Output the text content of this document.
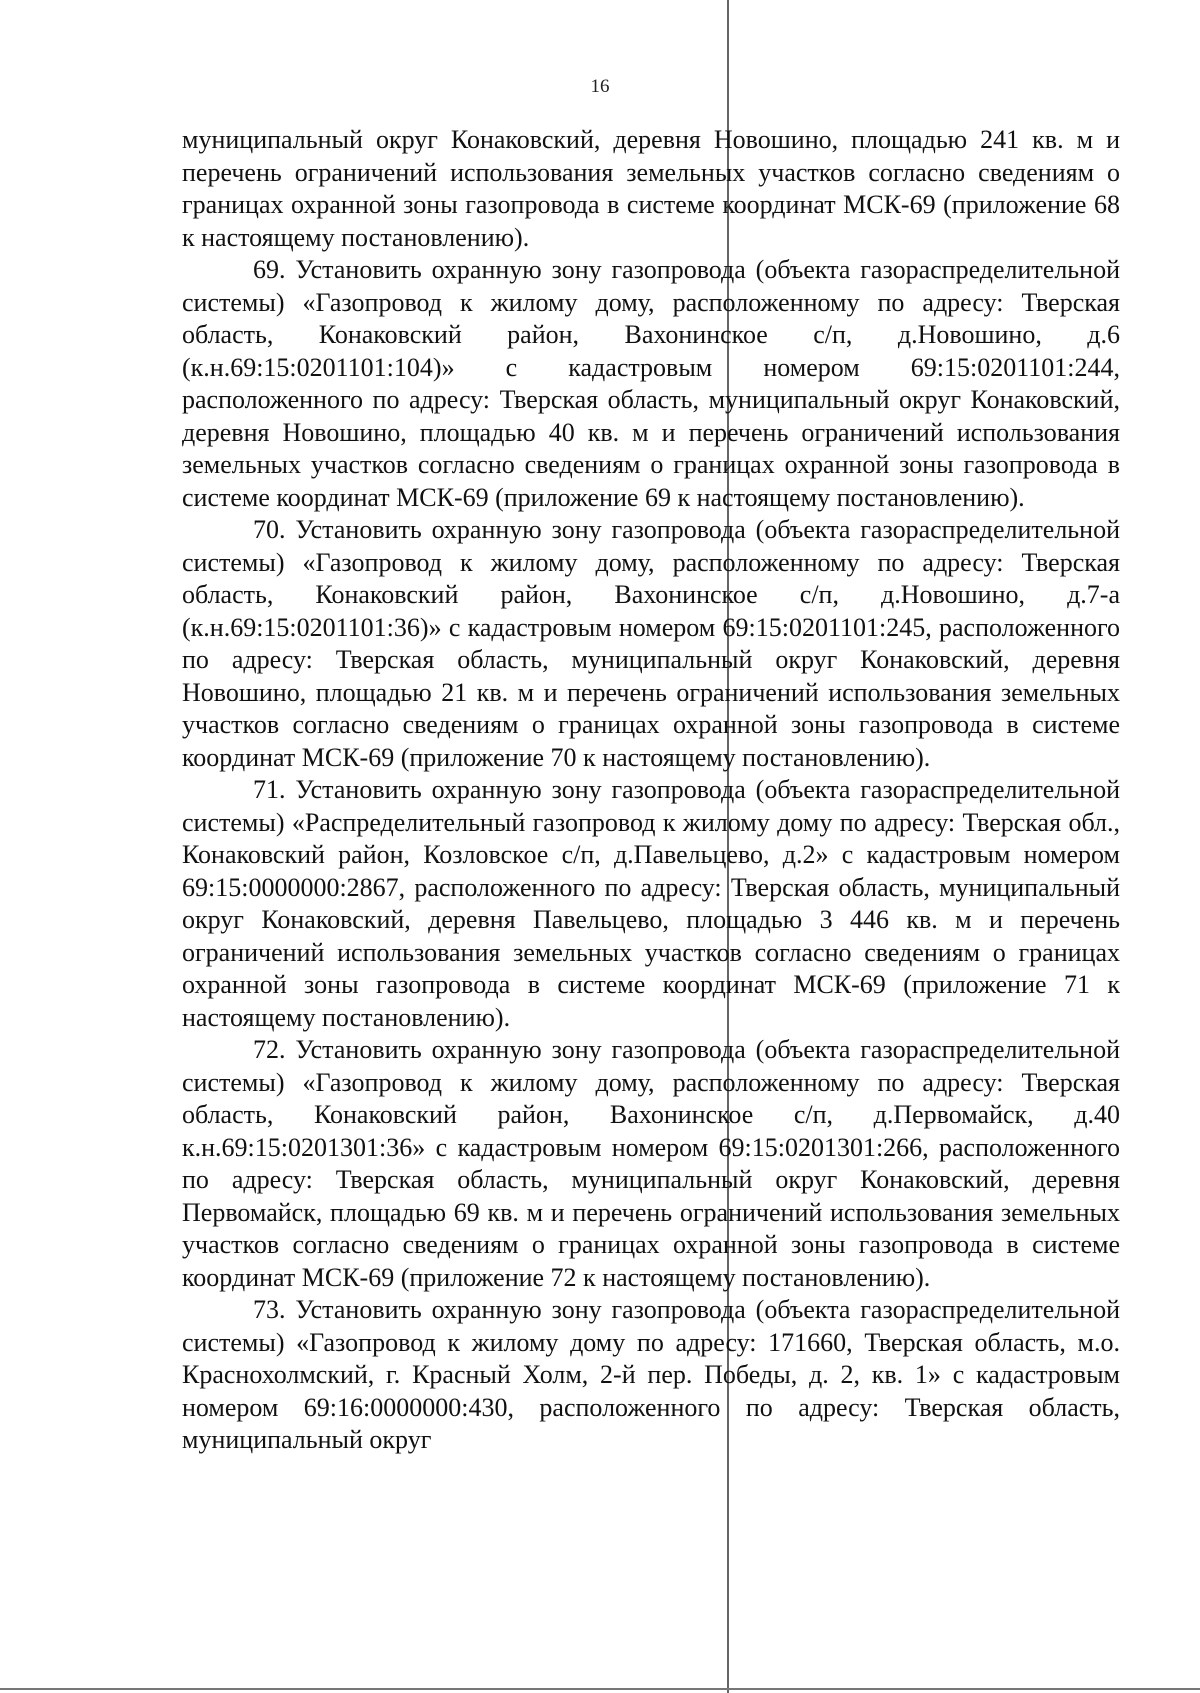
16

муниципальный округ Конаковский, деревня Новошино, площадью 241 кв. м и перечень ограничений использования земельных участков согласно сведениям о границах охранной зоны газопровода в системе координат МСК-69 (приложение 68 к настоящему постановлению).

69. Установить охранную зону газопровода (объекта газораспределительной системы) «Газопровод к жилому дому, расположенному по адресу: Тверская область, Конаковский район, Вахонинское с/п, д.Новошино, д.6 (к.н.69:15:0201101:104)» с кадастровым номером 69:15:0201101:244, расположенного по адресу: Тверская область, муниципальный округ Конаковский, деревня Новошино, площадью 40 кв. м и перечень ограничений использования земельных участков согласно сведениям о границах охранной зоны газопровода в системе координат МСК-69 (приложение 69 к настоящему постановлению).

70. Установить охранную зону газопровода (объекта газораспределительной системы) «Газопровод к жилому дому, расположенному по адресу: Тверская область, Конаковский район, Вахонинское с/п, д.Новошино, д.7-а (к.н.69:15:0201101:36)» с кадастровым номером 69:15:0201101:245, расположенного по адресу: Тверская область, муниципальный округ Конаковский, деревня Новошино, площадью 21 кв. м и перечень ограничений использования земельных участков согласно сведениям о границах охранной зоны газопровода в системе координат МСК-69 (приложение 70 к настоящему постановлению).

71. Установить охранную зону газопровода (объекта газораспределительной системы) «Распределительный газопровод к жилому дому по адресу: Тверская обл., Конаковский район, Козловское с/п, д.Павельцево, д.2» с кадастровым номером 69:15:0000000:2867, расположенного по адресу: Тверская область, муниципальный округ Конаковский, деревня Павельцево, площадью 3 446 кв. м и перечень ограничений использования земельных участков согласно сведениям о границах охранной зоны газопровода в системе координат МСК-69 (приложение 71 к настоящему постановлению).

72. Установить охранную зону газопровода (объекта газораспределительной системы) «Газопровод к жилому дому, расположенному по адресу: Тверская область, Конаковский район, Вахонинское с/п, д.Первомайск, д.40 к.н.69:15:0201301:36» с кадастровым номером 69:15:0201301:266, расположенного по адресу: Тверская область, муниципальный округ Конаковский, деревня Первомайск, площадью 69 кв. м и перечень ограничений использования земельных участков согласно сведениям о границах охранной зоны газопровода в системе координат МСК-69 (приложение 72 к настоящему постановлению).

73. Установить охранную зону газопровода (объекта газораспределительной системы) «Газопровод к жилому дому по адресу: 171660, Тверская область, м.о. Краснохолмский, г. Красный Холм, 2-й пер. Победы, д. 2, кв. 1» с кадастровым номером 69:16:0000000:430, расположенного по адресу: Тверская область, муниципальный округ
